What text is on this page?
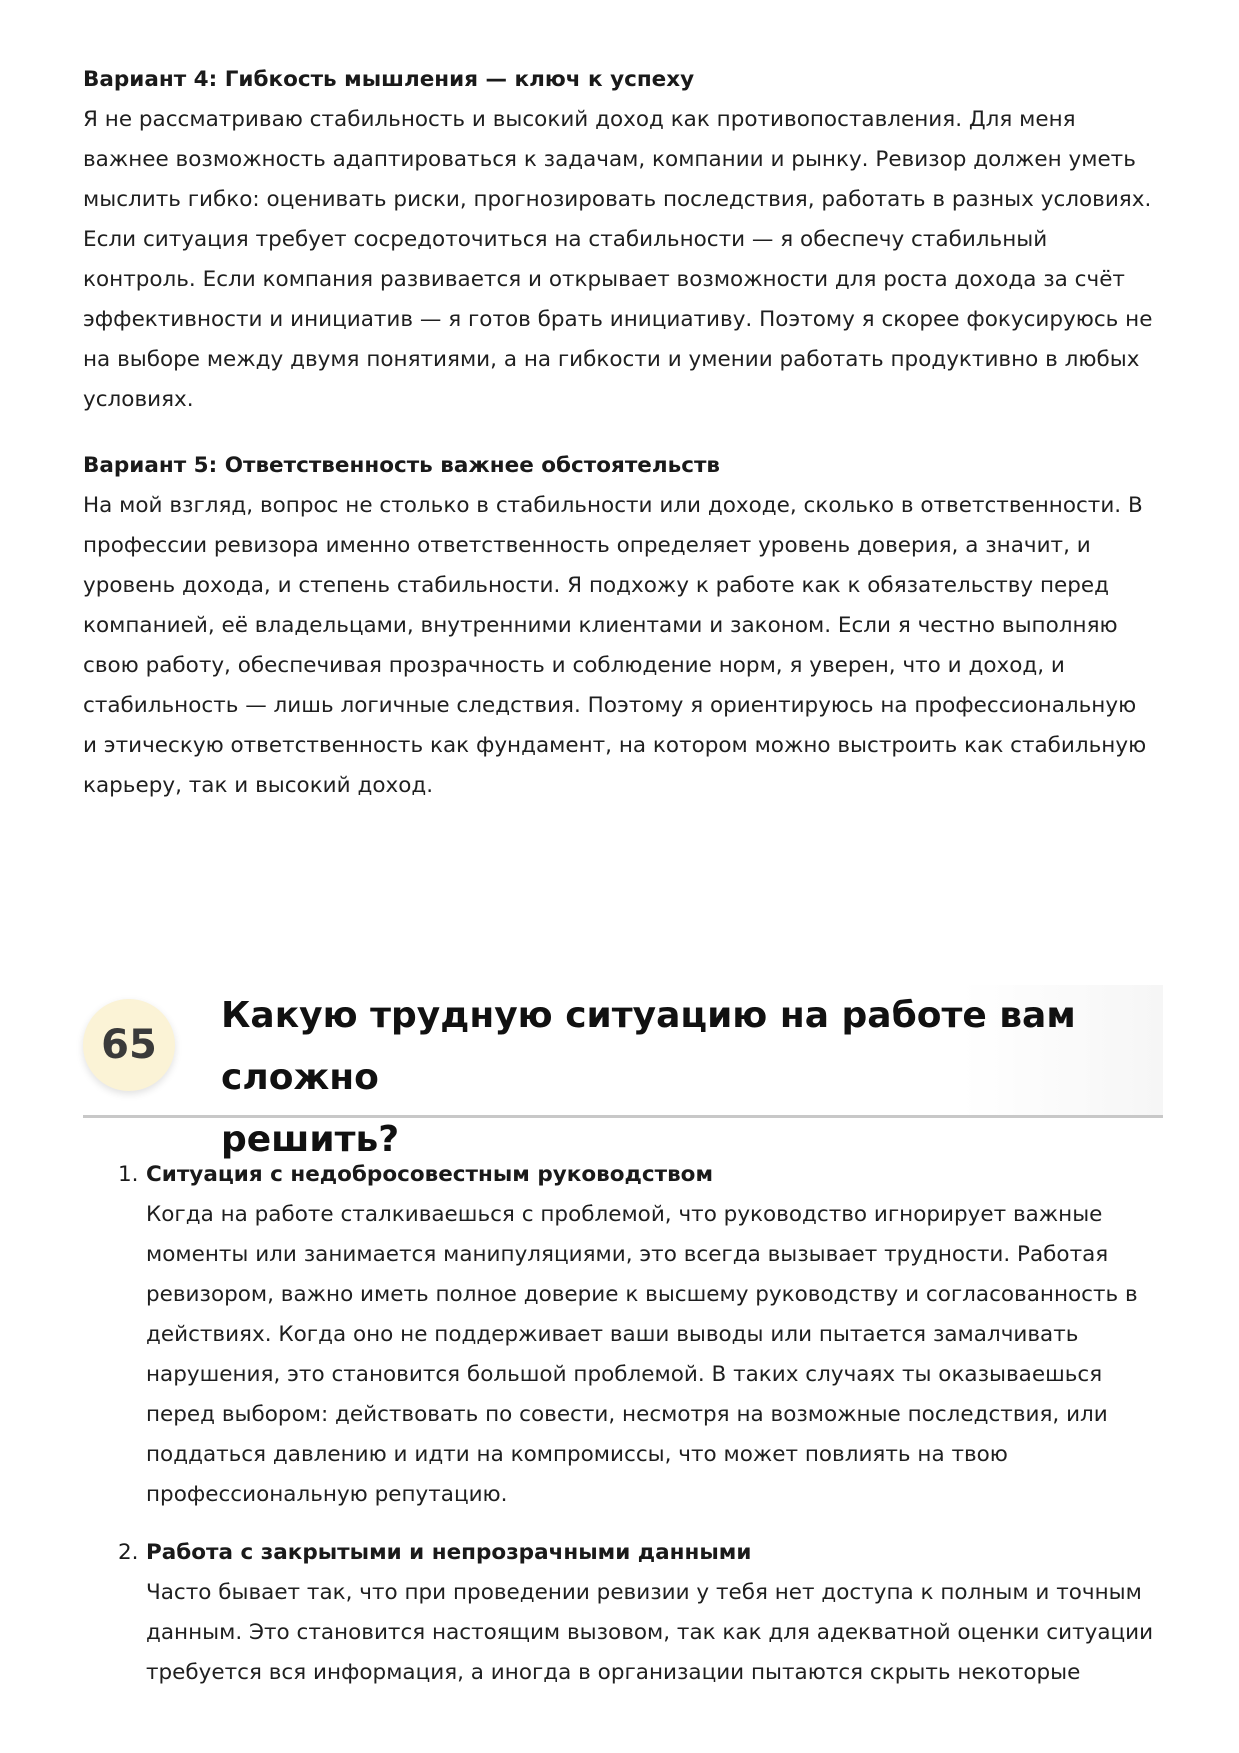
Вариант 4: Гибкость мышления — ключ к успеху

Я не рассматриваю стабильность и высокий доход как противопоставления. Для меня
важнее возможность адаптироваться к задачам, компании и рынку. Ревизор должен уметь
мыслить гибко: оценивать риски, прогнозировать последствия, работать в разных условиях.
Если ситуация требует сосредоточиться на стабильности — я обеспечу стабильный
контроль. Если компания развивается и открывает возможности для роста дохода за счёт
эффективности и инициатив — я готов брать инициативу. Поэтому я скорее фокусируюсь не
на выборе между двумя понятиями, а на гибкости и умении работать продуктивно в любых
условиях.

Вариант 5: Ответственность важнее обстоятельств

На мой взгляд, вопрос не столько в стабильности или доходе, сколько в ответственности. В
профессии ревизора именно ответственность определяет уровень доверия, а значит, и
уровень дохода, и степень стабильности. Я подхожу к работе как к обязательству перед
компанией, её владельцами, внутренними клиентами и законом. Если я честно выполняю
свою работу, обеспечивая прозрачность и соблюдение норм, я уверен, что и доход, и
стабильность — лишь логичные следствия. Поэтому я ориентируюсь на профессиональную
и этическую ответственность как фундамент, на котором можно выстроить как стабильную
карьеру, так и высокий доход.

65
Какую трудную ситуацию на работе вам сложно
решить?
1. Ситуация с недобросовестным руководством

Когда на работе сталкиваешься с проблемой, что руководство игнорирует важные
моменты или занимается манипуляциями, это всегда вызывает трудности. Работая
ревизором, важно иметь полное доверие к высшему руководству и согласованность в
действиях. Когда оно не поддерживает ваши выводы или пытается замалчивать
нарушения, это становится большой проблемой. В таких случаях ты оказываешься
перед выбором: действовать по совести, несмотря на возможные последствия, или
поддаться давлению и идти на компромиссы, что может повлиять на твою
профессиональную репутацию.

2. Работа с закрытыми и непрозрачными данными

Часто бывает так, что при проведении ревизии у тебя нет доступа к полным и точным
данным. Это становится настоящим вызовом, так как для адекватной оценки ситуации
требуется вся информация, а иногда в организации пытаются скрыть некоторые
